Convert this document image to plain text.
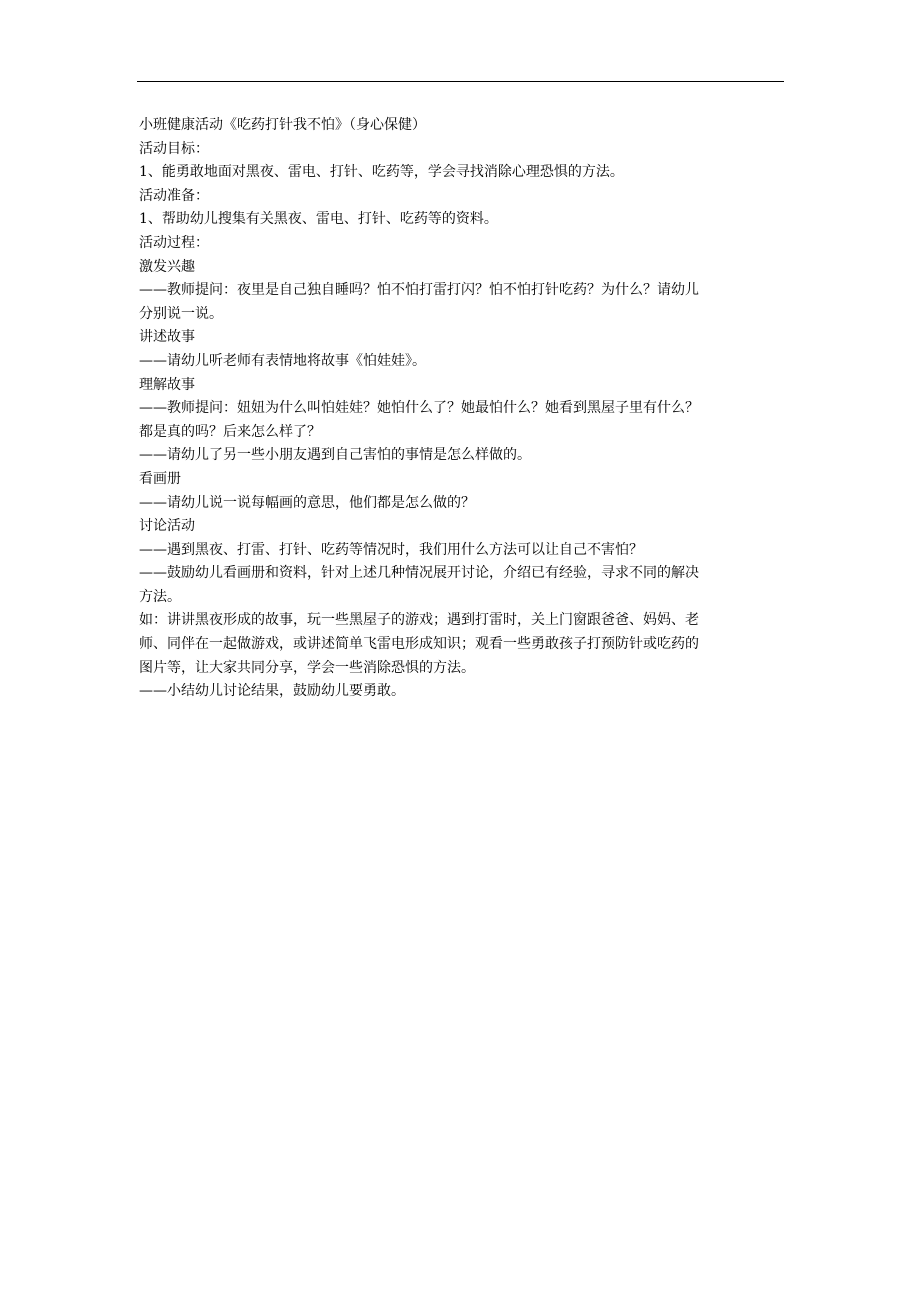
小班健康活动《吃药打针我不怕》（身心保健）

活动目标：

1、能勇敢地面对黑夜、雷电、打针、吃药等，学会寻找消除心理恐惧的方法。

活动准备：

1、帮助幼儿搜集有关黑夜、雷电、打针、吃药等的资料。

活动过程：

激发兴趣

——教师提问：夜里是自己独自睡吗？怕不怕打雷打闪？怕不怕打针吃药？为什么？请幼儿

分别说一说。

讲述故事

——请幼儿听老师有表情地将故事《怕娃娃》。

理解故事

——教师提问：妞妞为什么叫怕娃娃？她怕什么了？她最怕什么？她看到黑屋子里有什么？

都是真的吗？后来怎么样了？

——请幼儿了另一些小朋友遇到自己害怕的事情是怎么样做的。

看画册

——请幼儿说一说每幅画的意思，他们都是怎么做的？

讨论活动

——遇到黑夜、打雷、打针、吃药等情况时，我们用什么方法可以让自己不害怕？

——鼓励幼儿看画册和资料，针对上述几种情况展开讨论，介绍已有经验，寻求不同的解决

方法。

如：讲讲黑夜形成的故事，玩一些黑屋子的游戏；遇到打雷时，关上门窗跟爸爸、妈妈、老

师、同伴在一起做游戏，或讲述简单飞雷电形成知识；观看一些勇敢孩子打预防针或吃药的

图片等，让大家共同分享，学会一些消除恐惧的方法。

——小结幼儿讨论结果，鼓励幼儿要勇敢。
